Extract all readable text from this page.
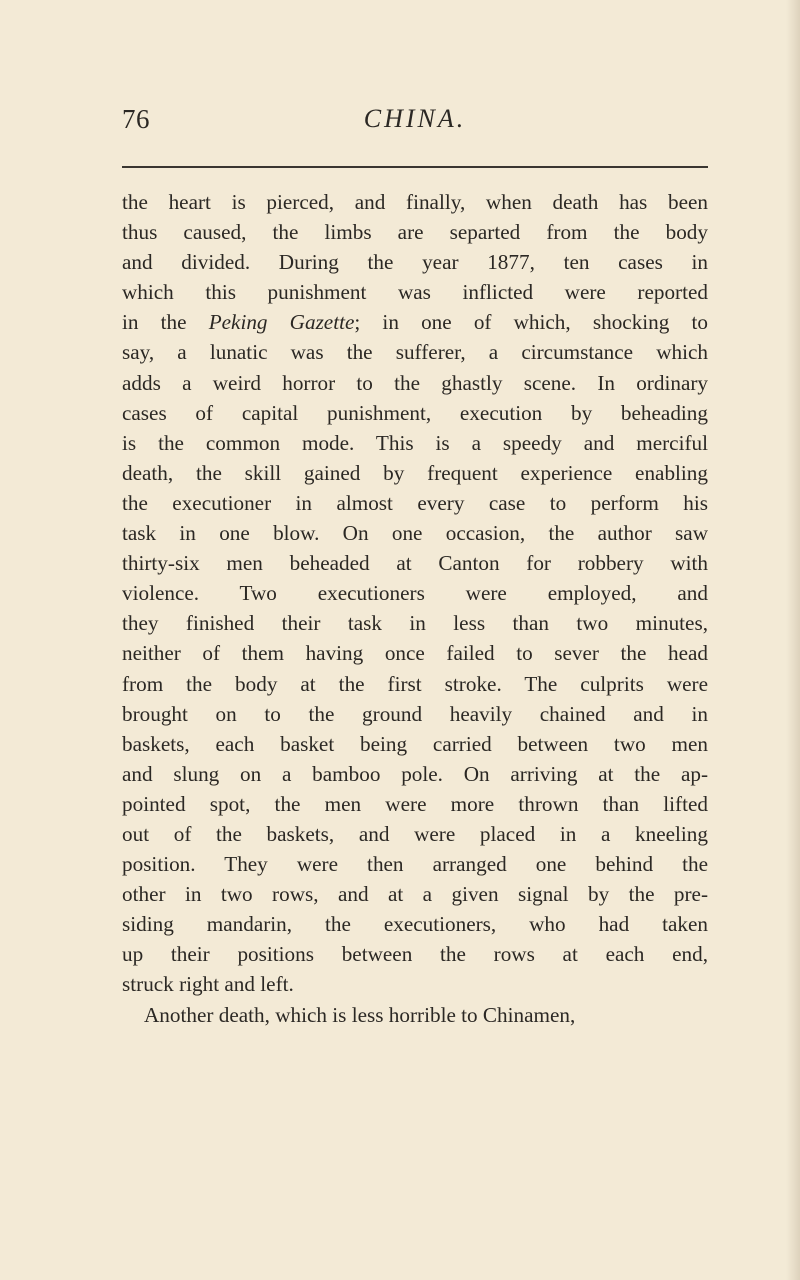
76	CHINA.
the heart is pierced, and finally, when death has been
thus caused, the limbs are separted from the body
and divided. During the year 1877, ten cases in
which this punishment was inflicted were reported
in the Peking Gazette; in one of which, shocking to
say, a lunatic was the sufferer, a circumstance which
adds a weird horror to the ghastly scene. In ordinary
cases of capital punishment, execution by beheading
is the common mode. This is a speedy and merciful
death, the skill gained by frequent experience enabling
the executioner in almost every case to perform his
task in one blow. On one occasion, the author saw
thirty-six men beheaded at Canton for robbery with
violence. Two executioners were employed, and
they finished their task in less than two minutes,
neither of them having once failed to sever the head
from the body at the first stroke. The culprits were
brought on to the ground heavily chained and in
baskets, each basket being carried between two men
and slung on a bamboo pole. On arriving at the ap-
pointed spot, the men were more thrown than lifted
out of the baskets, and were placed in a kneeling
position. They were then arranged one behind the
other in two rows, and at a given signal by the pre-
siding mandarin, the executioners, who had taken
up their positions between the rows at each end,
struck right and left.
Another death, which is less horrible to Chinamen,
